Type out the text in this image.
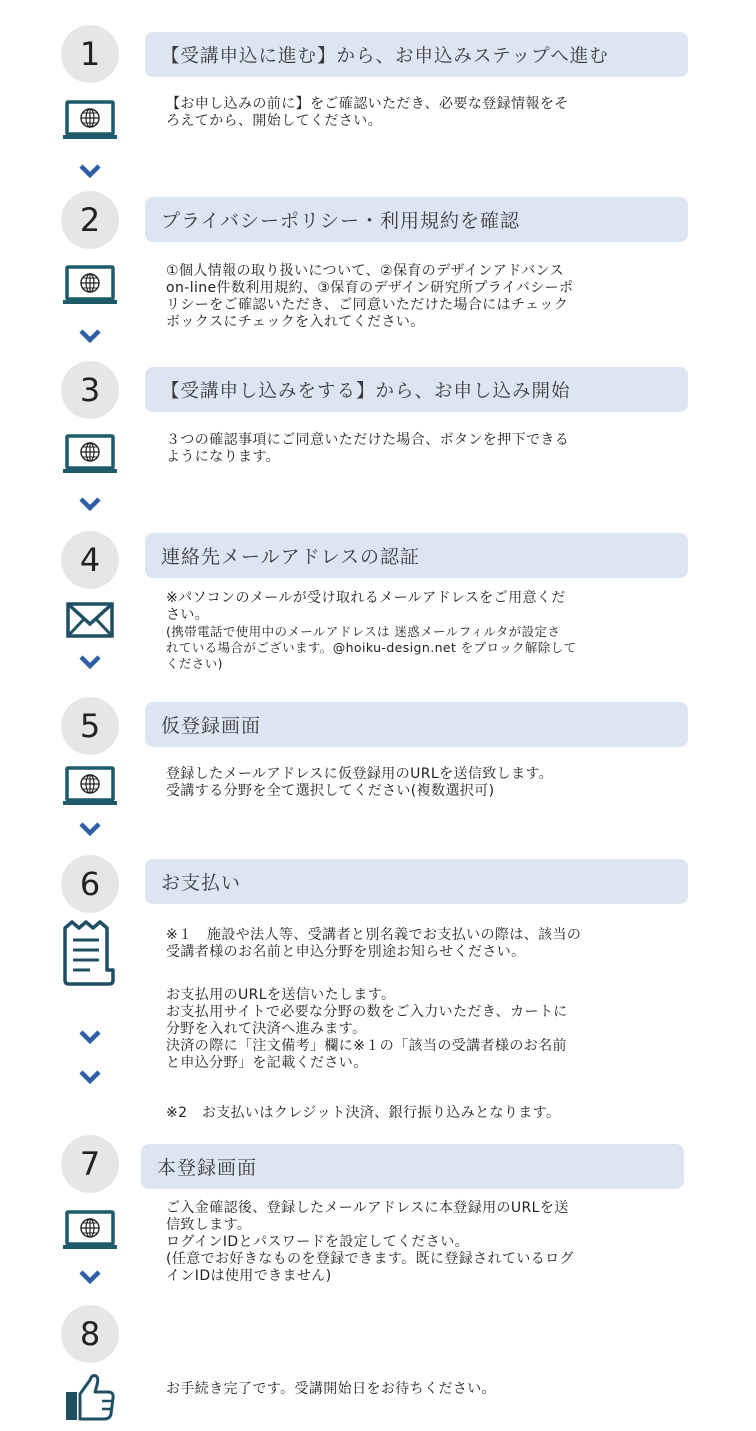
1	【受講申込に進む】から、お申込みステップへ進む
【お申し込みの前に】をご確認いただき、必要な登録情報をそ
ろえてから、開始してください。
2	プライバシーポリシー・利用規約を確認
①個人情報の取り扱いについて、②保育のデザインアドバンス
on-line件数利用規約、③保育のデザイン研究所プライバシーポ
リシーをご確認いただき、ご同意いただけた場合にはチェック
ボックスにチェックを入れてください。
3	【受講申し込みをする】から、お申し込み開始
３つの確認事項にご同意いただけた場合、ボタンを押下できる
ようになります。
4	連絡先メールアドレスの認証
※パソコンのメールが受け取れるメールアドレスをご用意くだ
さい。
(携帯電話で使用中のメールアドレスは 迷惑メールフィルタが設定さ
れている場合がございます。@hoiku-design.net をブロック解除して
ください)
5	仮登録画面
登録したメールアドレスに仮登録用のURLを送信致します。
受講する分野を全て選択してください(複数選択可)
6	お支払い
※１　施設や法人等、受講者と別名義でお支払いの際は、該当の
受講者様のお名前と申込分野を別途お知らせください。
お支払用のURLを送信いたします。
お支払用サイトで必要な分野の数をご入力いただき、カートに
分野を入れて決済へ進みます。
決済の際に「注文備考」欄に※１の「該当の受講者様のお名前
と申込分野」を記載ください。
※2　お支払いはクレジット決済、銀行振り込みとなります。
7	本登録画面
ご入金確認後、登録したメールアドレスに本登録用のURLを送
信致します。
ログインIDとパスワードを設定してください。
(任意でお好きなものを登録できます。既に登録されているログ
インIDは使用できません)
8
お手続き完了です。受講開始日をお待ちください。
